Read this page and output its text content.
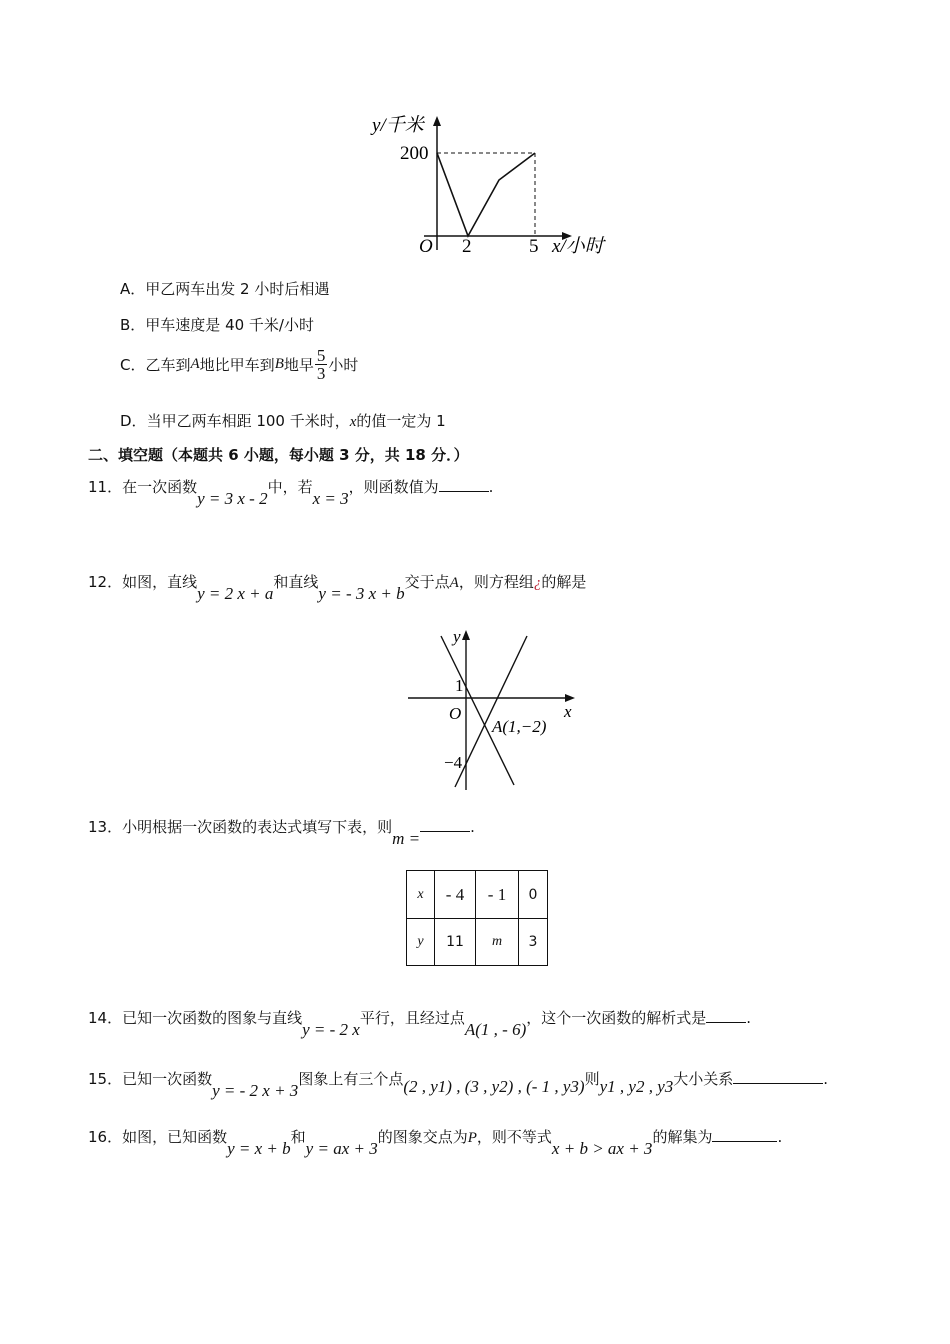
y/千米
200
O 2	5 x/小时
A．甲乙两车出发 2 小时后相遇
B．甲车速度是 40 千米/小时
C． 乙车到 A 地比甲车到 B 地早 $\frac{5}{3}$ 小时
D．当甲乙两车相距 100 千米时，x的值一定为 1
二、填空题（本题共 6 小题，每小题 3 分，共 18 分．）
11．在一次函数y = 3 x - 2中，若x = 3，则函数值为	.
12．如图，直线y = 2 x + a和直线y = - 3 x + b交于点A，则方程组¿的解是
y
x
O
1
−4
A(1,−2)
13．小明根据一次函数的表达式填写下表，则m =.
x	- 4	- 1	0
y	11	m	3
14．已知一次函数的图象与直线y = - 2 x平行，且经过点A(1 , - 6)，这个一次函数的解析式是	.
15．已知一次函数y = - 2 x + 3图象上有三个点(2 , y1) , (3 , y2) , (- 1 , y3)则y1 , y2 , y3大小关系	.
16．如图，已知函数y = x + b和y = ax + 3的图象交点为P，则不等式x + b > ax + 3的解集为	.
